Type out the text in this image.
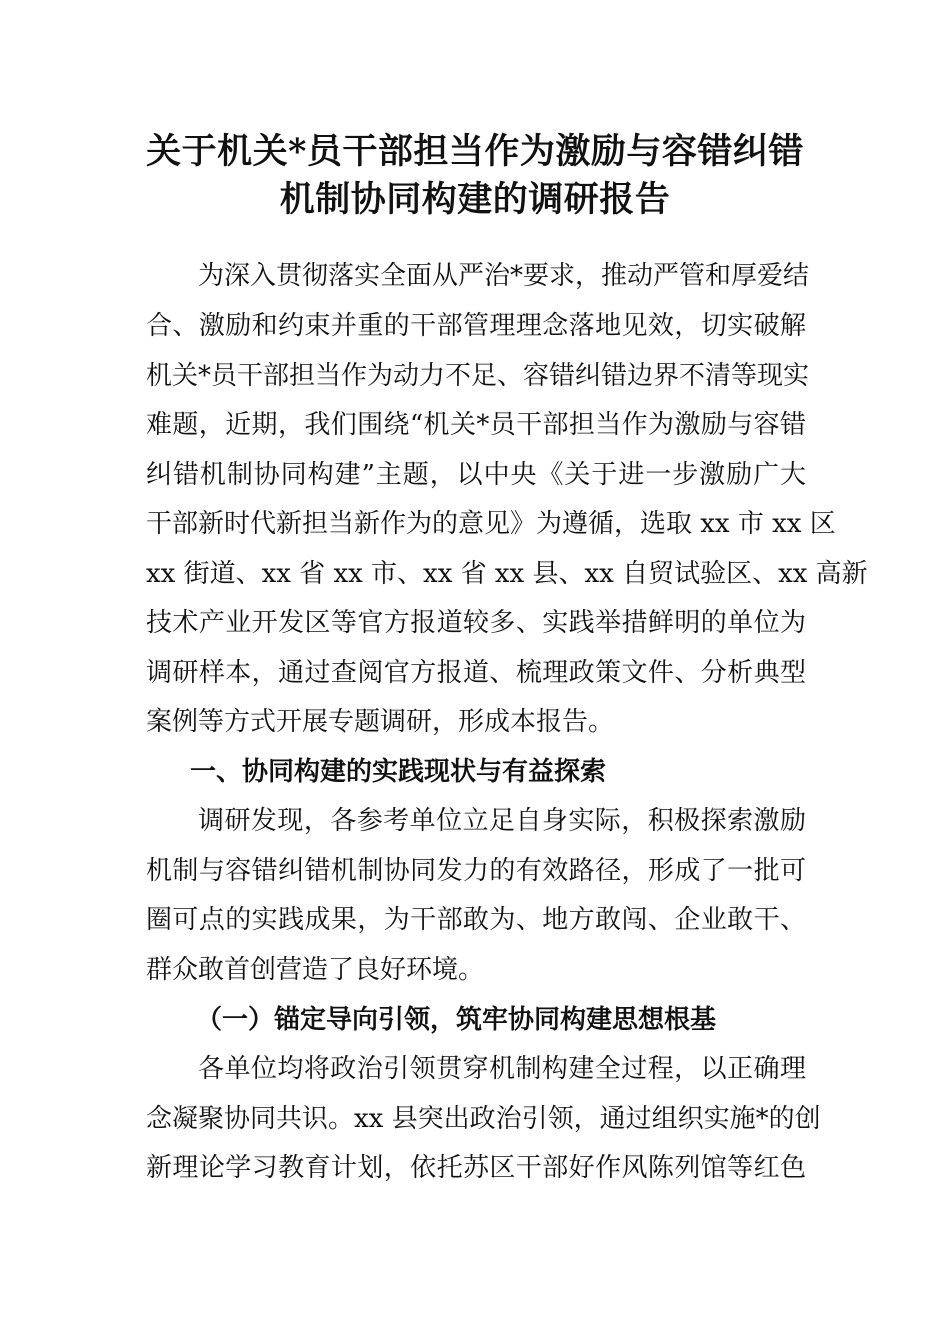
关于机关*员干部担当作为激励与容错纠错
机制协同构建的调研报告

为深入贯彻落实全面从严治*要求，推动严管和厚爱结

合、激励和约束并重的干部管理理念落地见效，切实破解

机关*员干部担当作为动力不足、容错纠错边界不清等现实

难题，近期，我们围绕“机关*员干部担当作为激励与容错

纠错机制协同构建”主题，以中央《关于进一步激励广大

干部新时代新担当新作为的意见》为遵循，选取 xx 市 xx 区

xx 街道、xx 省 xx 市、xx 省 xx 县、xx 自贸试验区、xx 高新

技术产业开发区等官方报道较多、实践举措鲜明的单位为

调研样本，通过查阅官方报道、梳理政策文件、分析典型

案例等方式开展专题调研，形成本报告。

一、协同构建的实践现状与有益探索

调研发现，各参考单位立足自身实际，积极探索激励

机制与容错纠错机制协同发力的有效路径，形成了一批可

圈可点的实践成果，为干部敢为、地方敢闯、企业敢干、

群众敢首创营造了良好环境。

（一）锚定导向引领，筑牢协同构建思想根基

各单位均将政治引领贯穿机制构建全过程，以正确理

念凝聚协同共识。xx 县突出政治引领，通过组织实施*的创

新理论学习教育计划，依托苏区干部好作风陈列馆等红色
